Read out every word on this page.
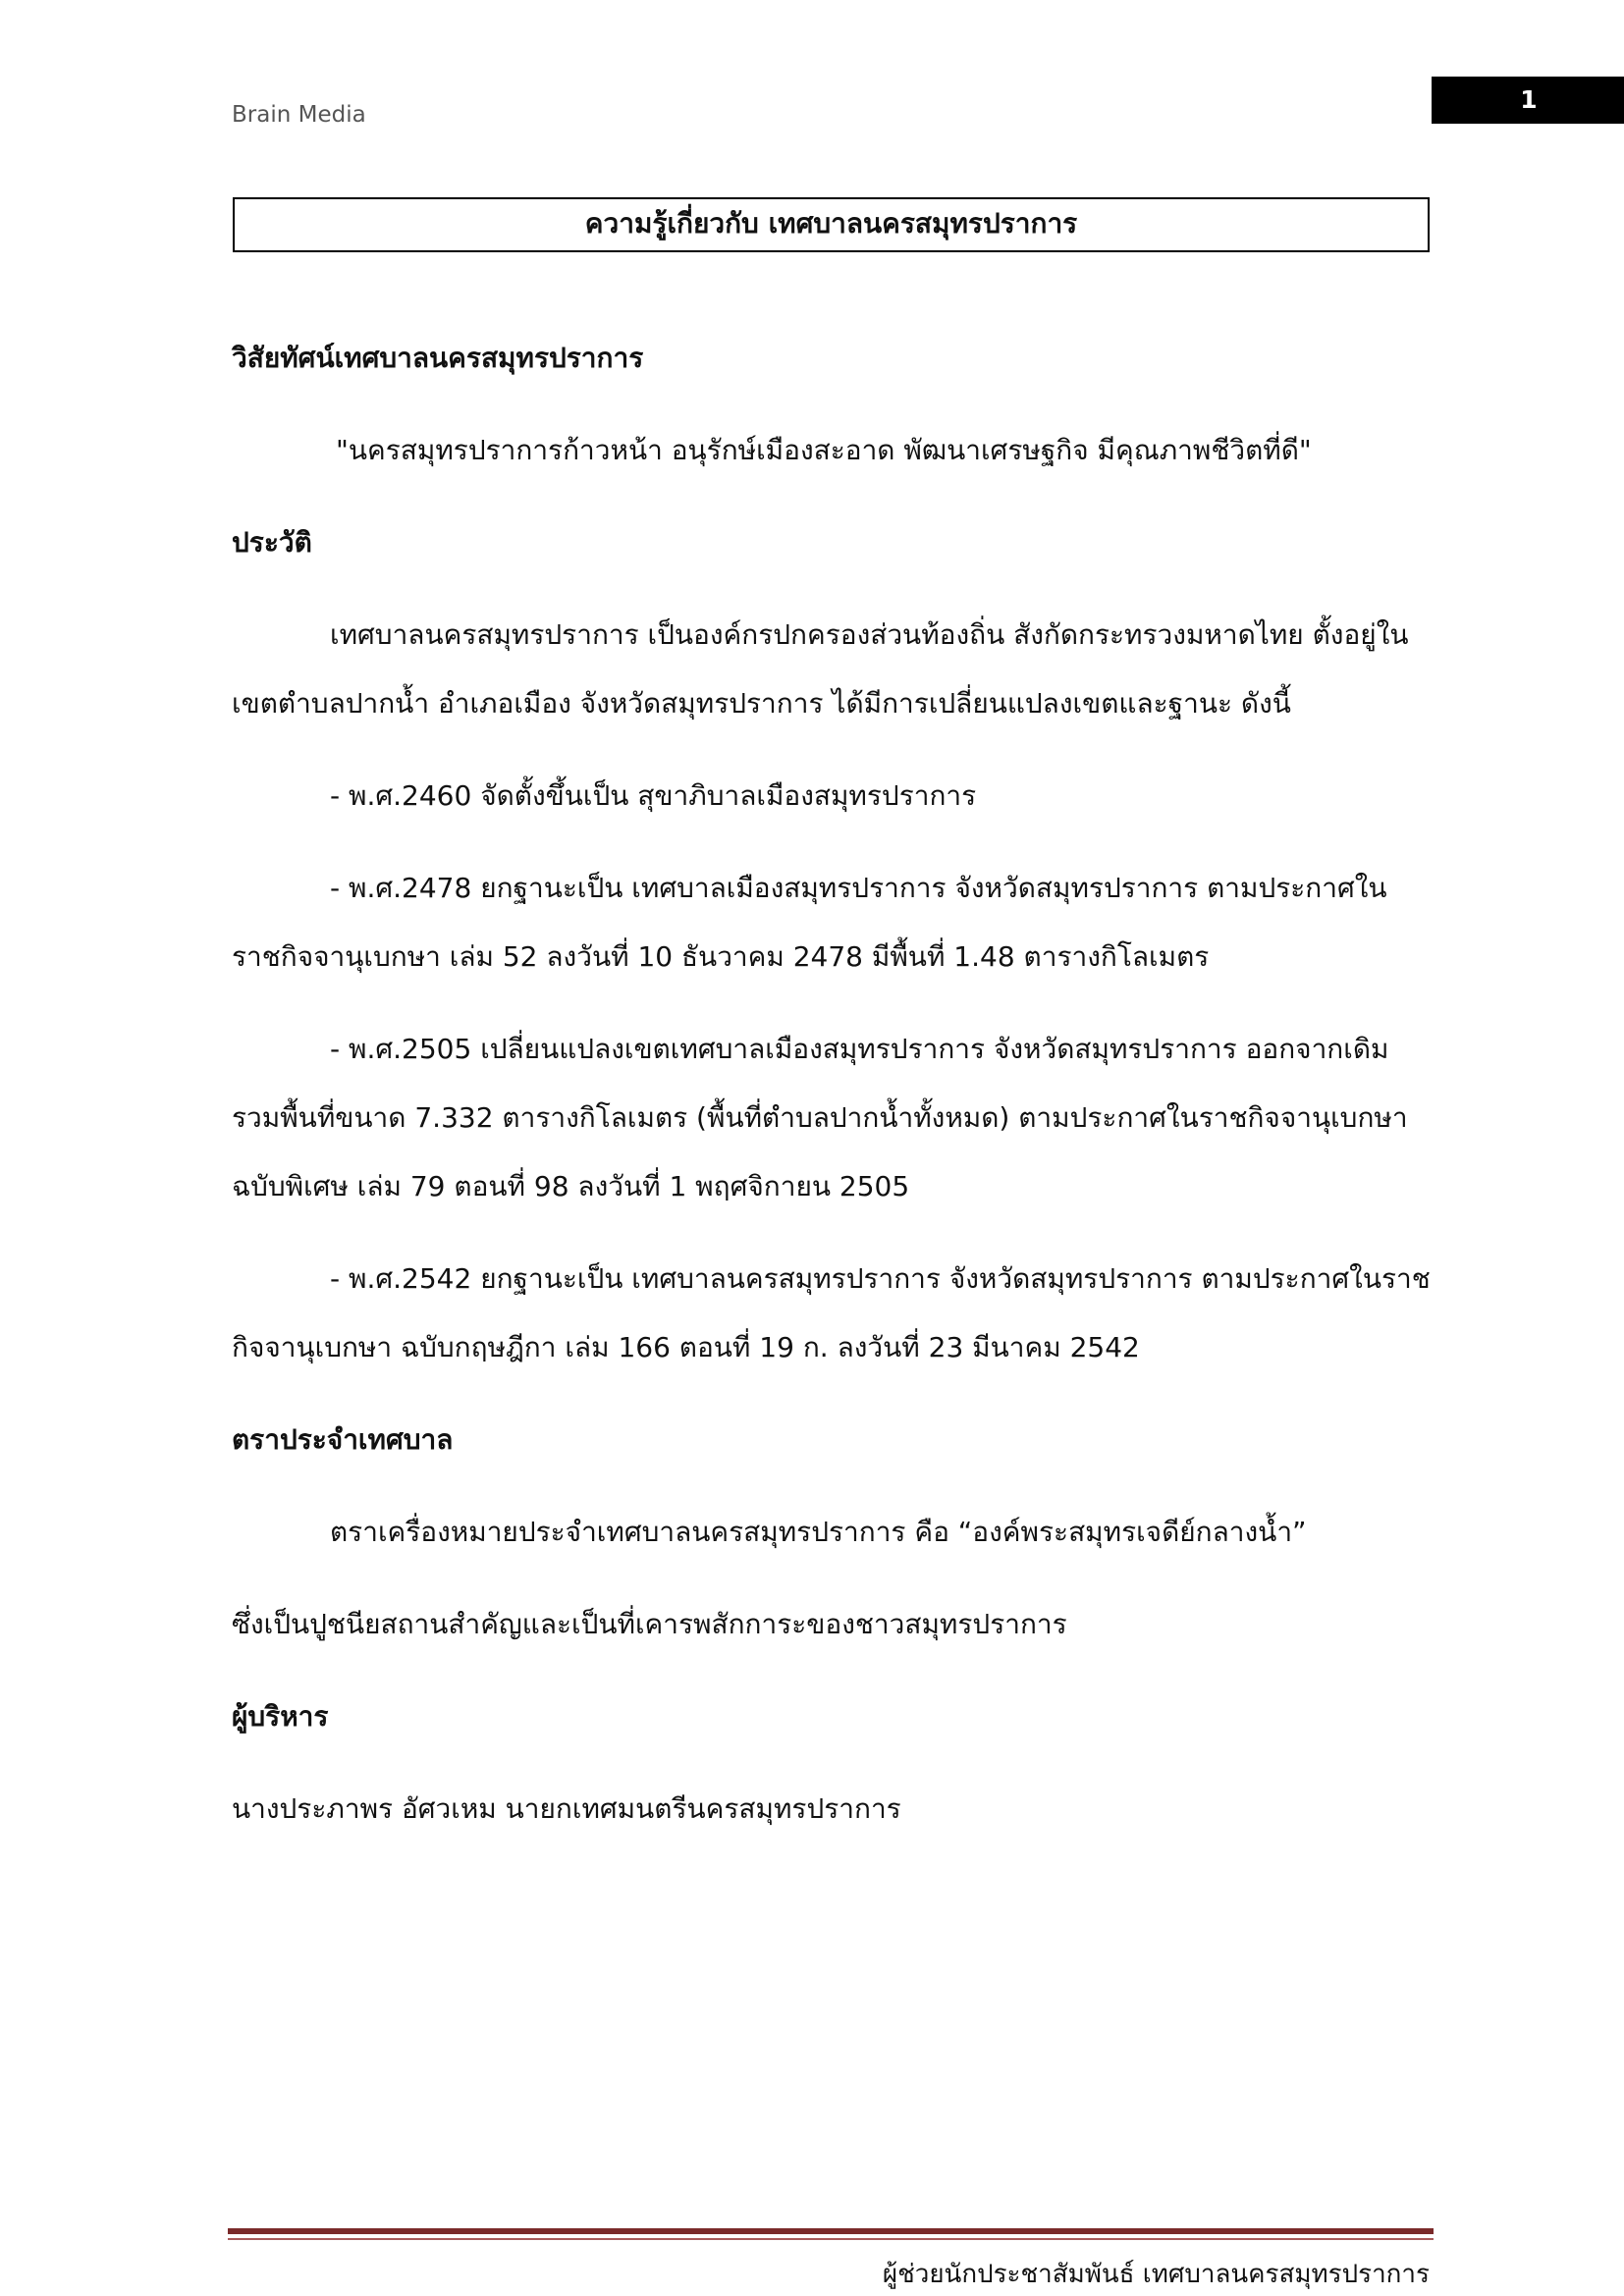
Brain Media
1
ความรู้เกี่ยวกับ เทศบาลนครสมุทรปราการ

วิสัยทัศน์เทศบาลนครสมุทรปราการ

"นครสมุทรปราการก้าวหน้า อนุรักษ์เมืองสะอาด พัฒนาเศรษฐกิจ มีคุณภาพชีวิตที่ดี"

ประวัติ

เทศบาลนครสมุทรปราการ เป็นองค์กรปกครองส่วนท้องถิ่น สังกัดกระทรวงมหาดไทย ตั้งอยู่ในเขตตำบลปากน้ำ อำเภอเมือง จังหวัดสมุทรปราการ ได้มีการเปลี่ยนแปลงเขตและฐานะ ดังนี้

- พ.ศ.2460 จัดตั้งขึ้นเป็น สุขาภิบาลเมืองสมุทรปราการ

- พ.ศ.2478 ยกฐานะเป็น เทศบาลเมืองสมุทรปราการ จังหวัดสมุทรปราการ ตามประกาศในราชกิจจานุเบกษา เล่ม 52 ลงวันที่ 10 ธันวาคม 2478 มีพื้นที่ 1.48 ตารางกิโลเมตร

- พ.ศ.2505 เปลี่ยนแปลงเขตเทศบาลเมืองสมุทรปราการ จังหวัดสมุทรปราการ ออกจากเดิม รวมพื้นที่ขนาด 7.332 ตารางกิโลเมตร (พื้นที่ตำบลปากน้ำทั้งหมด) ตามประกาศในราชกิจจานุเบกษา ฉบับพิเศษ เล่ม 79 ตอนที่ 98 ลงวันที่ 1 พฤศจิกายน 2505

- พ.ศ.2542 ยกฐานะเป็น เทศบาลนครสมุทรปราการ จังหวัดสมุทรปราการ ตามประกาศในราชกิจจานุเบกษา ฉบับกฤษฎีกา เล่ม 166 ตอนที่ 19 ก. ลงวันที่ 23 มีนาคม 2542

ตราประจำเทศบาล

ตราเครื่องหมายประจำเทศบาลนครสมุทรปราการ คือ “องค์พระสมุทรเจดีย์กลางน้ำ”

ซึ่งเป็นปูชนียสถานสำคัญและเป็นที่เคารพสักการะของชาวสมุทรปราการ

ผู้บริหาร

นางประภาพร อัศวเหม นายกเทศมนตรีนครสมุทรปราการ

ผู้ช่วยนักประชาสัมพันธ์ เทศบาลนครสมุทรปราการ
